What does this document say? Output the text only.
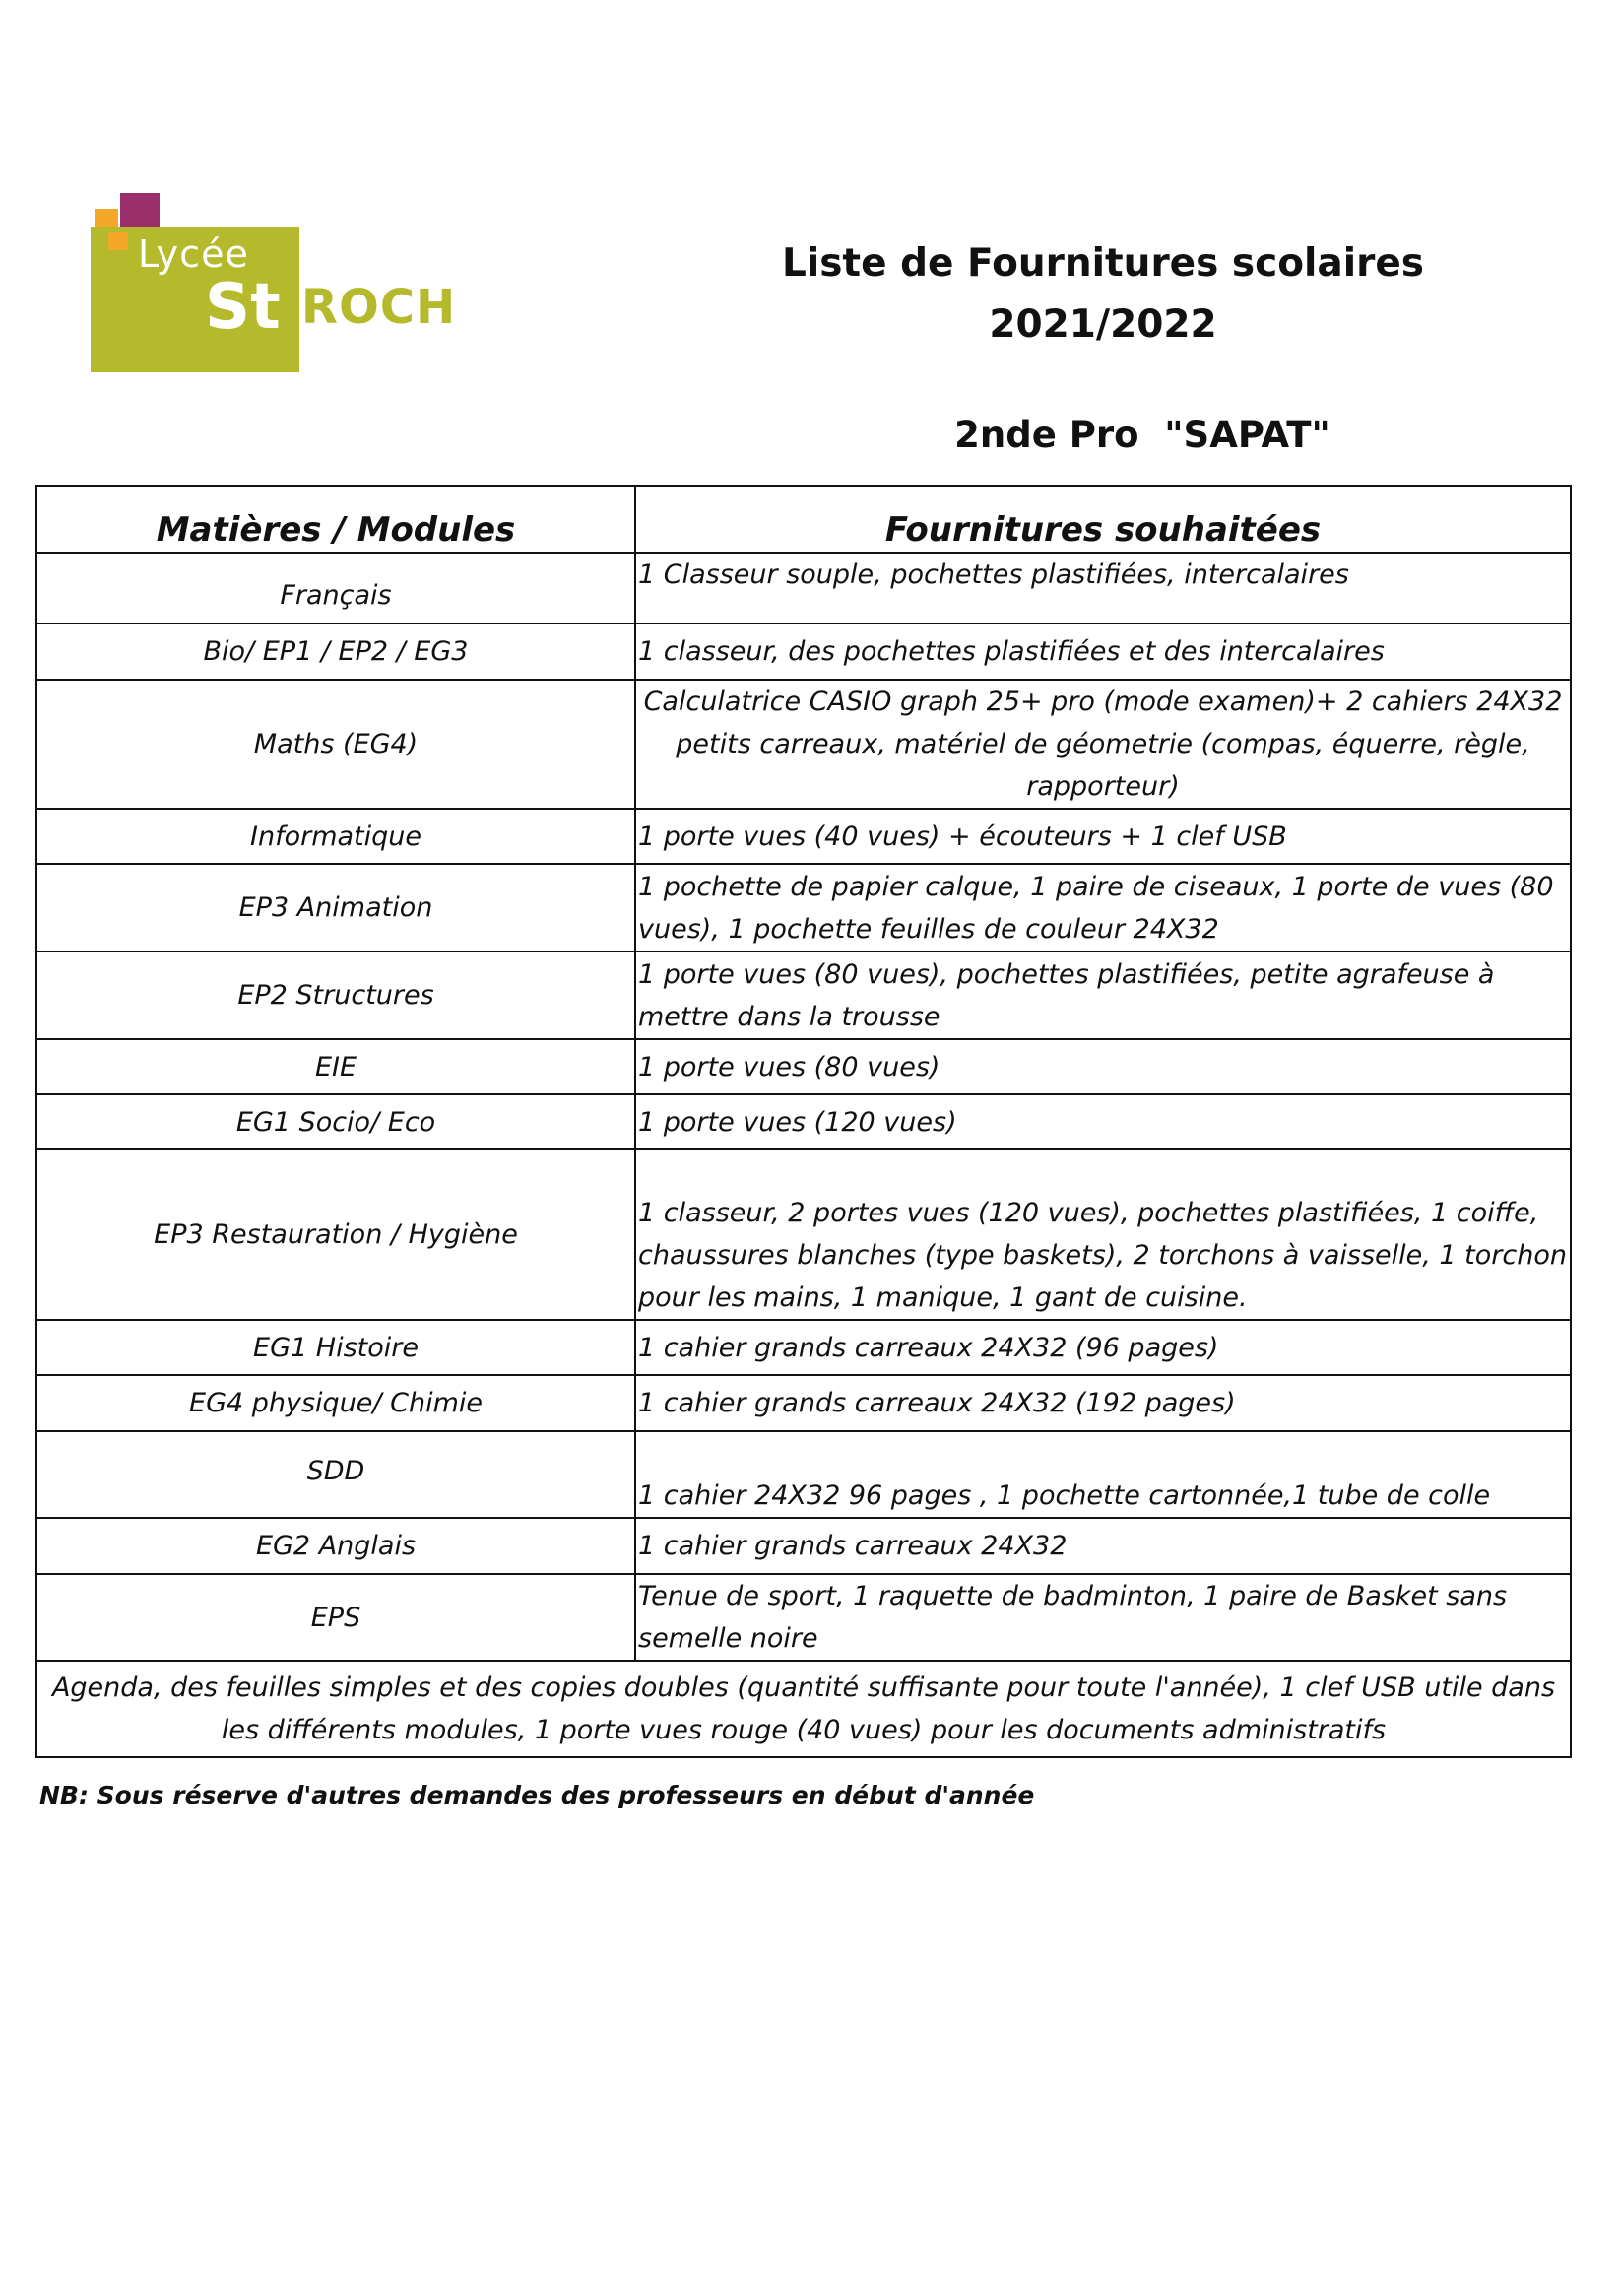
Lycée
St ROCH
Liste de Fournitures scolaires
2021/2022
2nde Pro  "SAPAT"
Matières / Modules	Fournitures souhaitées
Français	1 Classeur souple, pochettes plastifiées, intercalaires
Bio/ EP1 / EP2 / EG3	1 classeur, des pochettes plastifiées et des intercalaires
Maths (EG4)	Calculatrice CASIO graph 25+ pro (mode examen)+ 2 cahiers 24X32 petits carreaux, matériel de géometrie (compas, équerre, règle, rapporteur)
Informatique	1 porte vues (40 vues) + écouteurs + 1 clef USB
EP3 Animation	1 pochette de papier calque, 1 paire de ciseaux, 1 porte de vues (80 vues), 1 pochette feuilles de couleur 24X32
EP2 Structures	1 porte vues (80 vues), pochettes plastifiées, petite agrafeuse à mettre dans la trousse
EIE	1 porte vues (80 vues)
EG1 Socio/ Eco	1 porte vues (120 vues)
EP3 Restauration / Hygiène	1 classeur, 2 portes vues (120 vues), pochettes plastifiées, 1 coiffe, chaussures blanches (type baskets), 2 torchons à vaisselle, 1 torchon pour les mains, 1 manique, 1 gant de cuisine.
EG1 Histoire	1 cahier grands carreaux 24X32 (96 pages)
EG4 physique/ Chimie	1 cahier grands carreaux 24X32 (192 pages)
SDD	1 cahier 24X32 96 pages , 1 pochette cartonnée,1 tube de colle
EG2 Anglais	1 cahier grands carreaux 24X32
EPS	Tenue de sport, 1 raquette de badminton, 1 paire de Basket sans semelle noire
Agenda, des feuilles simples et des copies doubles (quantité suffisante pour toute l'année), 1 clef USB utile dans les différents modules, 1 porte vues rouge (40 vues) pour les documents administratifs	
NB: Sous réserve d'autres demandes des professeurs en début d'année
